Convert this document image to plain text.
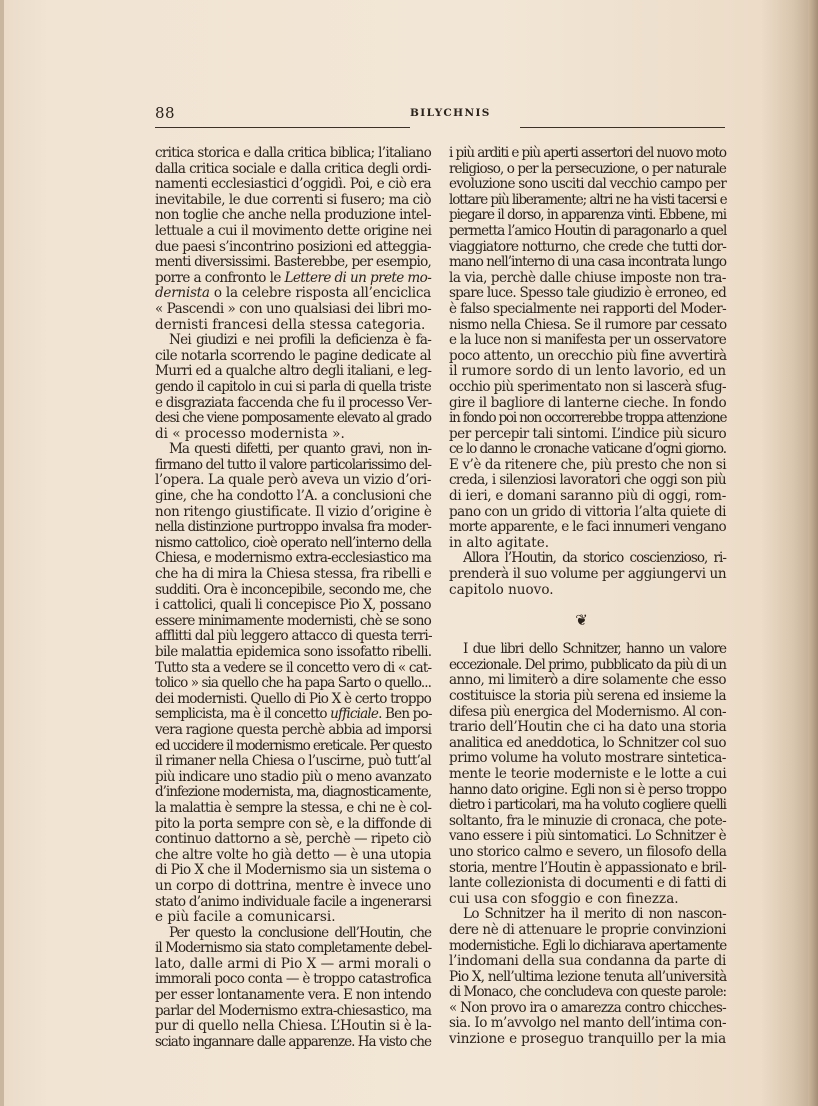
88	BILYCHNIS
critica storica e dalla critica biblica; l’italiano
dalla critica sociale e dalla critica degli ordi-
namenti ecclesiastici d’oggidì. Poi, e ciò era
inevitabile, le due correnti si fusero; ma ciò
non toglie che anche nella produzione intel-
lettuale a cui il movimento dette origine nei
due paesi s’incontrino posizioni ed atteggia-
menti diversissimi. Basterebbe, per esempio,
porre a confronto le Lettere di un prete mo-
dernista o la celebre risposta all’enciclica
« Pascendi » con uno qualsiasi dei libri mo-
dernisti francesi della stessa categoria.
Nei giudizi e nei profili la deficienza è fa-
cile notarla scorrendo le pagine dedicate al
Murri ed a qualche altro degli italiani, e leg-
gendo il capitolo in cui si parla di quella triste
e disgraziata faccenda che fu il processo Ver-
desi che viene pomposamente elevato al grado
di « processo modernista ».
Ma questi difetti, per quanto gravi, non in-
firmano del tutto il valore particolarissimo del-
l’opera. La quale però aveva un vizio d’ori-
gine, che ha condotto l’A. a conclusioni che
non ritengo giustificate. Il vizio d’origine è
nella distinzione purtroppo invalsa fra moder-
nismo cattolico, cioè operato nell’interno della
Chiesa, e modernismo extra-ecclesiastico ma
che ha di mira la Chiesa stessa, fra ribelli e
sudditi. Ora è inconcepibile, secondo me, che
i cattolici, quali li concepisce Pio X, possano
essere minimamente modernisti, chè se sono
afflitti dal più leggero attacco di questa terri-
bile malattia epidemica sono issofatto ribelli.
Tutto sta a vedere se il concetto vero di « cat-
tolico » sia quello che ha papa Sarto o quello...
dei modernisti. Quello di Pio X è certo troppo
semplicista, ma è il concetto ufficiale. Ben po-
vera ragione questa perchè abbia ad imporsi
ed uccidere il modernismo ereticale. Per questo
il rimaner nella Chiesa o l’uscirne, può tutt’al
più indicare uno stadio più o meno avanzato
d’infezione modernista, ma, diagnosticamente,
la malattia è sempre la stessa, e chi ne è col-
pito la porta sempre con sè, e la diffonde di
continuo dattorno a sè, perchè — ripeto ciò
che altre volte ho già detto — è una utopia
di Pio X che il Modernismo sia un sistema o
un corpo di dottrina, mentre è invece uno
stato d’animo individuale facile a ingenerarsi
e più facile a comunicarsi.
Per questo la conclusione dell’Houtin, che
il Modernismo sia stato completamente debel-
lato, dalle armi di Pio X — armi morali o
immorali poco conta — è troppo catastrofica
per esser lontanamente vera. E non intendo
parlar del Modernismo extra-chiesastico, ma
pur di quello nella Chiesa. L’Houtin si è la-
sciato ingannare dalle apparenze. Ha visto che
i più arditi e più aperti assertori del nuovo moto
religioso, o per la persecuzione, o per naturale
evoluzione sono usciti dal vecchio campo per
lottare più liberamente; altri ne ha visti tacersi e
piegare il dorso, in apparenza vinti. Ebbene, mi
permetta l’amico Houtin di paragonarlo a quel
viaggiatore notturno, che crede che tutti dor-
mano nell’interno di una casa incontrata lungo
la via, perchè dalle chiuse imposte non tra-
spare luce. Spesso tale giudizio è erroneo, ed
è falso specialmente nei rapporti del Moder-
nismo nella Chiesa. Se il rumore par cessato
e la luce non si manifesta per un osservatore
poco attento, un orecchio più fine avvertirà
il rumore sordo di un lento lavorio, ed un
occhio più sperimentato non si lascerà sfug-
gire il bagliore di lanterne cieche. In fondo
in fondo poi non occorrerebbe troppa attenzione
per percepir tali sintomi. L’indice più sicuro
ce lo danno le cronache vaticane d’ogni giorno.
E v’è da ritenere che, più presto che non si
creda, i silenziosi lavoratori che oggi son più
di ieri, e domani saranno più di oggi, rom-
pano con un grido di vittoria l’alta quiete di
morte apparente, e le faci innumeri vengano
in alto agitate.
Allora l’Houtin, da storico coscienzioso, ri-
prenderà il suo volume per aggiungervi un
capitolo nuovo.
❦
I due libri dello Schnitzer, hanno un valore
eccezionale. Del primo, pubblicato da più di un
anno, mi limiterò a dire solamente che esso
costituisce la storia più serena ed insieme la
difesa più energica del Modernismo. Al con-
trario dell’Houtin che ci ha dato una storia
analitica ed aneddotica, lo Schnitzer col suo
primo volume ha voluto mostrare sintetica-
mente le teorie moderniste e le lotte a cui
hanno dato origine. Egli non si è perso troppo
dietro i particolari, ma ha voluto cogliere quelli
soltanto, fra le minuzie di cronaca, che pote-
vano essere i più sintomatici. Lo Schnitzer è
uno storico calmo e severo, un filosofo della
storia, mentre l’Houtin è appassionato e bril-
lante collezionista di documenti e di fatti di
cui usa con sfoggio e con finezza.
Lo Schnitzer ha il merito di non nascon-
dere nè di attenuare le proprie convinzioni
modernistiche. Egli lo dichiarava apertamente
l’indomani della sua condanna da parte di
Pio X, nell’ultima lezione tenuta all’università
di Monaco, che concludeva con queste parole:
« Non provo ira o amarezza contro chicches-
sia. Io m’avvolgo nel manto dell’intima con-
vinzione e proseguo tranquillo per la mia
